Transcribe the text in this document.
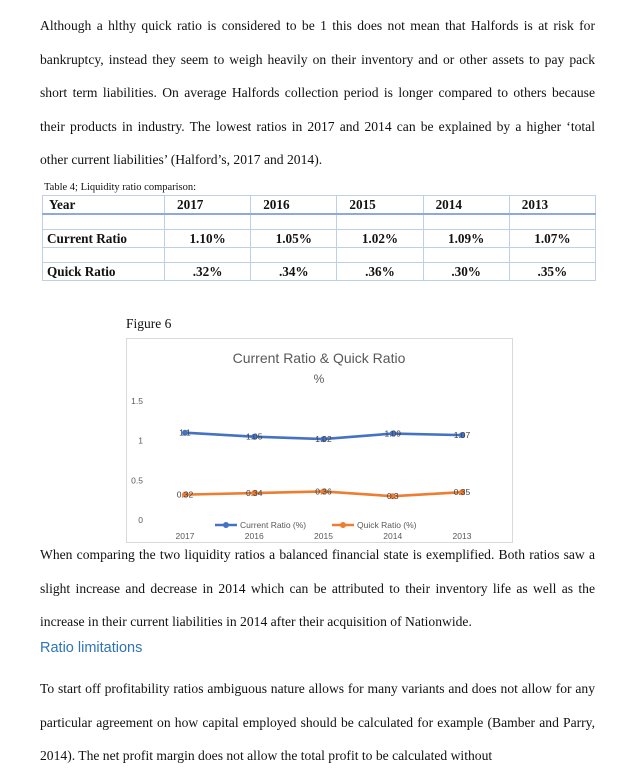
Although a hlthy quick ratio is considered to be 1 this does not mean that Halfords is at risk for bankruptcy, instead they seem to weigh heavily on their inventory and or other assets to pay pack short term liabilities. On average Halfords collection period is longer compared to others because their products in industry. The lowest ratios in 2017 and 2014 can be explained by a higher ‘total other current liabilities’ (Halford’s, 2017 and 2014).

Table 4; Liquidity ratio comparison:

Year	2017	2016	2015	2014	2013

Current Ratio	1.10%	1.05%	1.02%	1.09%	1.07%

Quick Ratio	.32%	.34%	.36%	.30%	.35%

Figure 6

Current Ratio & Quick Ratio
%
0
0.5
1
1.5
2017	2016	2015	2014	2013
1.1	1.05	1.02
1.09	1.07
0.32	0.34	0.36	0.3	0.35
Current Ratio (%)	Quick Ratio (%)

Ratio limitations

When comparing the two liquidity ratios a balanced financial state is exemplified. Both ratios saw a slight increase and decrease in 2014 which can be attributed to their inventory life as well as the increase in their current liabilities in 2014 after their acquisition of Nationwide.

To start off profitability ratios ambiguous nature allows for many variants and does not allow for any particular agreement on how capital employed should be calculated for example (Bamber and Parry, 2014). The net profit margin does not allow the total profit to be calculated without
